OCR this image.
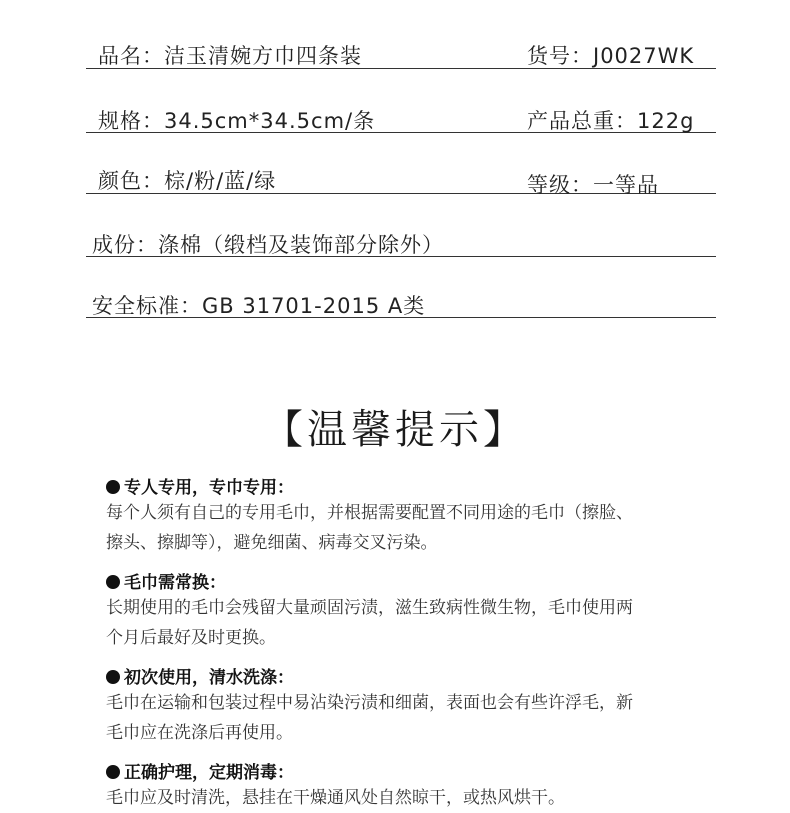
品名：洁玉清婉方巾四条装	货号：J0027WK
规格：34.5cm*34.5cm/条	产品总重：122g
颜色：棕/粉/蓝/绿	等级：一等品
成份：涤棉（缎档及装饰部分除外）
安全标准：GB 31701-2015 A类
【温馨提示】
专人专用，专巾专用：
每个人须有自己的专用毛巾，并根据需要配置不同用途的毛巾（擦脸、
擦头、擦脚等），避免细菌、病毒交叉污染。
毛巾需常换：
长期使用的毛巾会残留大量顽固污渍，滋生致病性微生物，毛巾使用两
个月后最好及时更换。
初次使用，清水洗涤：
毛巾在运输和包装过程中易沾染污渍和细菌，表面也会有些许浮毛，新
毛巾应在洗涤后再使用。
正确护理，定期消毒：
毛巾应及时清洗，悬挂在干燥通风处自然晾干，或热风烘干。
